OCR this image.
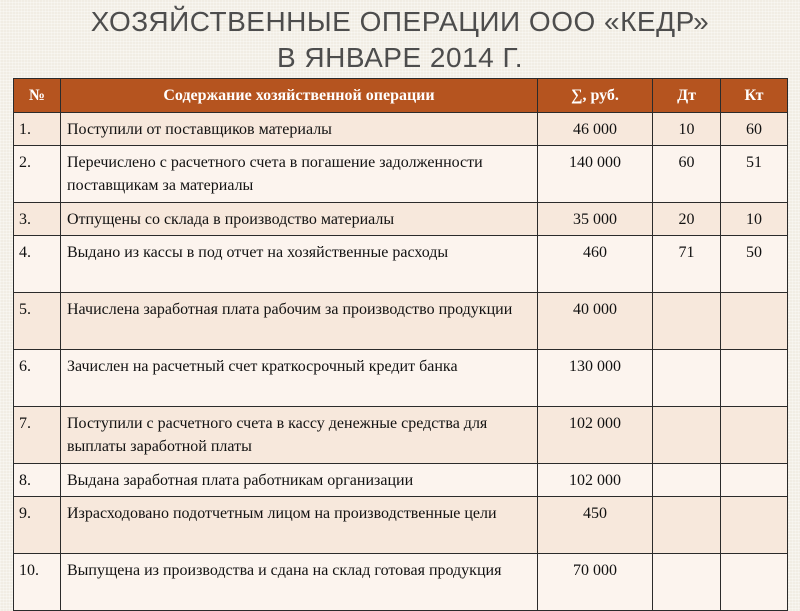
ХОЗЯЙСТВЕННЫЕ ОПЕРАЦИИ ООО «КЕДР»
В ЯНВАРЕ 2014 Г.
№	Содержание хозяйственной операции	∑, руб.	Дт	Кт
1.	Поступили от поставщиков материалы	46 000	10	60
2.	Перечислено с расчетного счета в погашение задолженности поставщикам за материалы	140 000	60	51
3.	Отпущены со склада в производство материалы	35 000	20	10
4.	Выдано из кассы в под отчет на хозяйственные расходы	460	71	50
5.	Начислена заработная плата рабочим за производство продукции	40 000		
6.	Зачислен на расчетный счет краткосрочный кредит банка	130 000		
7.	Поступили с расчетного счета в кассу денежные средства для выплаты заработной платы	102 000		
8.	Выдана заработная плата работникам организации	102 000		
9.	Израсходовано подотчетным лицом на производственные цели	450		
10.	Выпущена из производства и сдана на склад готовая продукция	70 000		
